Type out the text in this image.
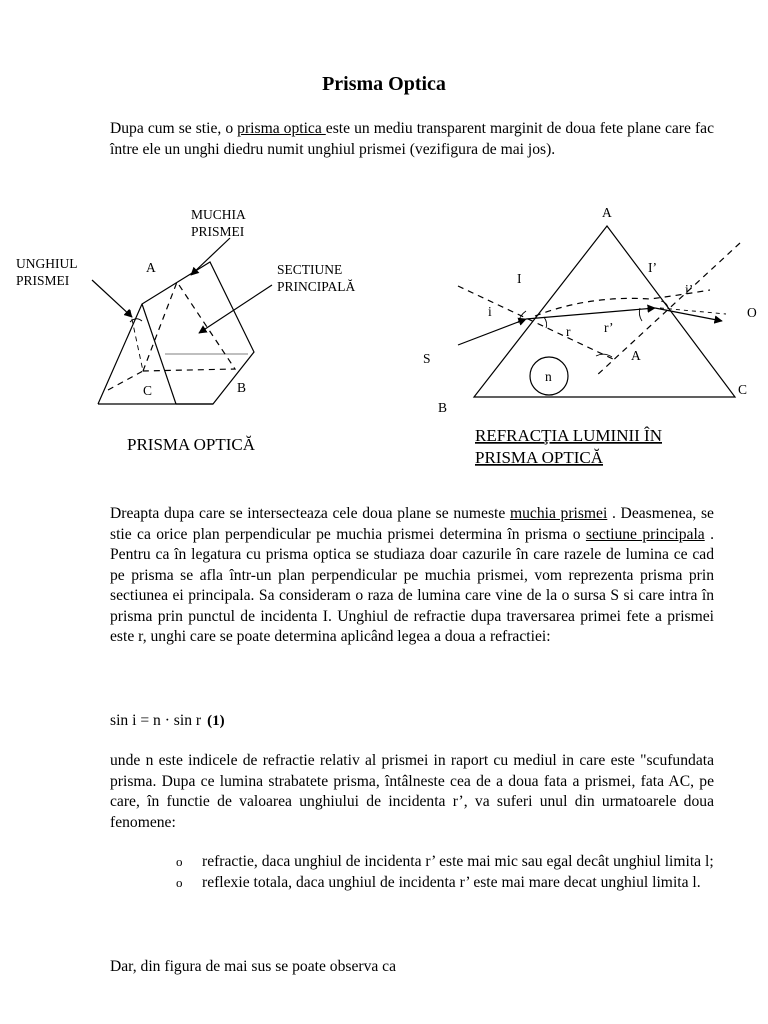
Prisma Optica
Dupa cum se stie, o prisma optica este un mediu transparent marginit de doua fete plane care fac între ele un unghi diedru numit unghiul prismei (vezifigura de mai jos).
MUCHIA
PRISMEI
UNGHIUL
PRISMEI
SECTIUNE
PRINCIPALĂ
A
C	B
PRISMA OPTICĂ
A
B
C
I
I’
i
i’
r r’
A
n
S
O
REFRACŢIA LUMINII ÎN
PRISMA OPTICĂ
Dreapta dupa care se intersecteaza cele doua plane se numeste muchia prismei . Deasmenea, se stie ca orice plan perpendicular pe muchia prismei determina în prisma o sectiune principala . Pentru ca în legatura cu prisma optica se studiaza doar cazurile în care razele de lumina ce cad pe prisma se afla într-un plan perpendicular pe muchia prismei, vom reprezenta prisma prin sectiunea ei principala. Sa consideram o raza de lumina care vine de la o sursa S si care intra în prisma prin punctul de incidenta I. Unghiul de refractie dupa traversarea primei fete a prismei este r, unghi care se poate determina aplicând legea a doua a refractiei:
sin i = n · sin r (1)
unde n este indicele de refractie relativ al prismei in raport cu mediul in care este "scufundata prisma. Dupa ce lumina strabatete prisma, întâlneste cea de a doua fata a prismei, fata AC, pe care, în functie de valoarea unghiului de incidenta r’, va suferi unul din urmatoarele doua fenomene:
o refractie, daca unghiul de incidenta r’ este mai mic sau egal decât unghiul limita l;
o reflexie totala, daca unghiul de incidenta r’ este mai mare decat unghiul limita l.
Dar, din figura de mai sus se poate observa ca
